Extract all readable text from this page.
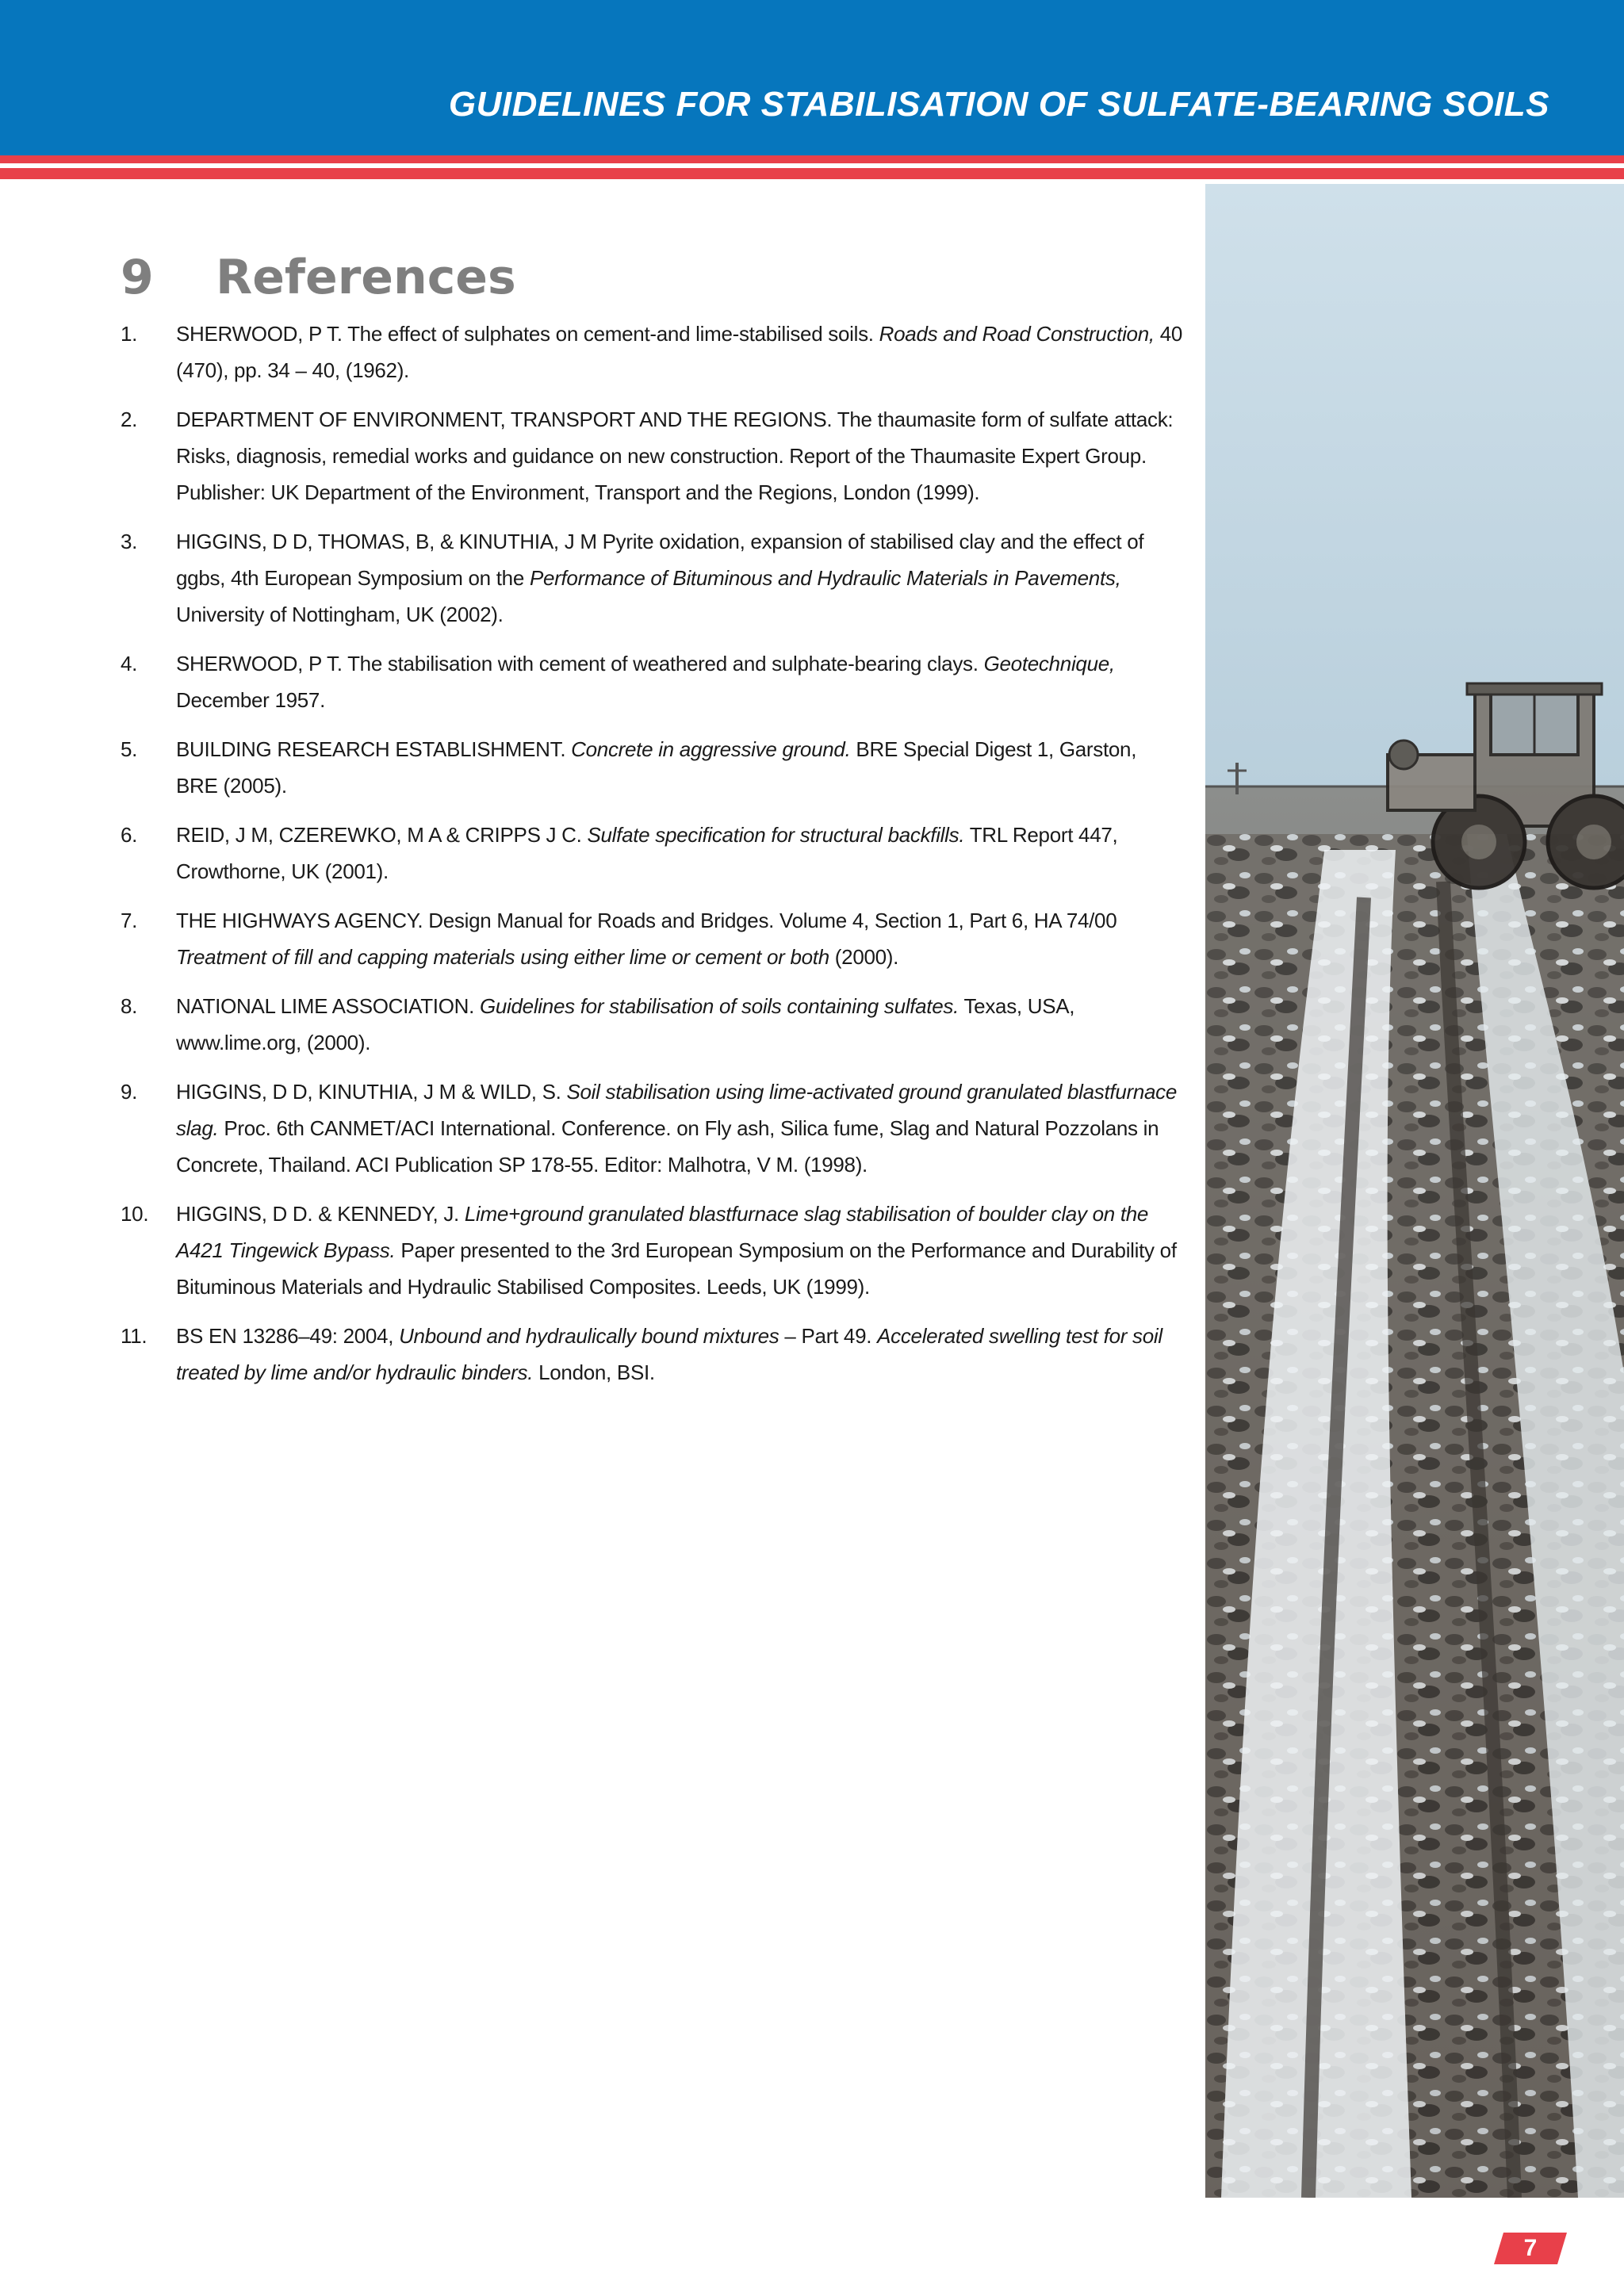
GUIDELINES FOR STABILISATION OF SULFATE-BEARING SOILS
9 References
1. SHERWOOD, P T. The effect of sulphates on cement-and lime-stabilised soils. Roads and Road Construction, 40 (470), pp. 34 – 40, (1962).
2. DEPARTMENT OF ENVIRONMENT, TRANSPORT AND THE REGIONS. The thaumasite form of sulfate attack: Risks, diagnosis, remedial works and guidance on new construction. Report of the Thaumasite Expert Group. Publisher: UK Department of the Environment, Transport and the Regions, London (1999).
3. HIGGINS, D D, THOMAS, B, & KINUTHIA, J M Pyrite oxidation, expansion of stabilised clay and the effect of ggbs, 4th European Symposium on the Performance of Bituminous and Hydraulic Materials in Pavements, University of Nottingham, UK (2002).
4. SHERWOOD, P T. The stabilisation with cement of weathered and sulphate-bearing clays. Geotechnique, December 1957.
5. BUILDING RESEARCH ESTABLISHMENT. Concrete in aggressive ground. BRE Special Digest 1, Garston, BRE (2005).
6. REID, J M, CZEREWKO, M A & CRIPPS J C. Sulfate specification for structural backfills. TRL Report 447, Crowthorne, UK (2001).
7. THE HIGHWAYS AGENCY. Design Manual for Roads and Bridges. Volume 4, Section 1, Part 6, HA 74/00 Treatment of fill and capping materials using either lime or cement or both (2000).
8. NATIONAL LIME ASSOCIATION. Guidelines for stabilisation of soils containing sulfates. Texas, USA, www.lime.org, (2000).
9. HIGGINS, D D, KINUTHIA, J M & WILD, S. Soil stabilisation using lime-activated ground granulated blastfurnace slag. Proc. 6th CANMET/ACI International. Conference. on Fly ash, Silica fume, Slag and Natural Pozzolans in Concrete, Thailand. ACI Publication SP 178-55. Editor: Malhotra, V M. (1998).
10. HIGGINS, D D. & KENNEDY, J. Lime+ground granulated blastfurnace slag stabilisation of boulder clay on the A421 Tingewick Bypass. Paper presented to the 3rd European Symposium on the Performance and Durability of Bituminous Materials and Hydraulic Stabilised Composites. Leeds, UK (1999).
11. BS EN 13286–49: 2004, Unbound and hydraulically bound mixtures – Part 49. Accelerated swelling test for soil treated by lime and/or hydraulic binders. London, BSI.
7
